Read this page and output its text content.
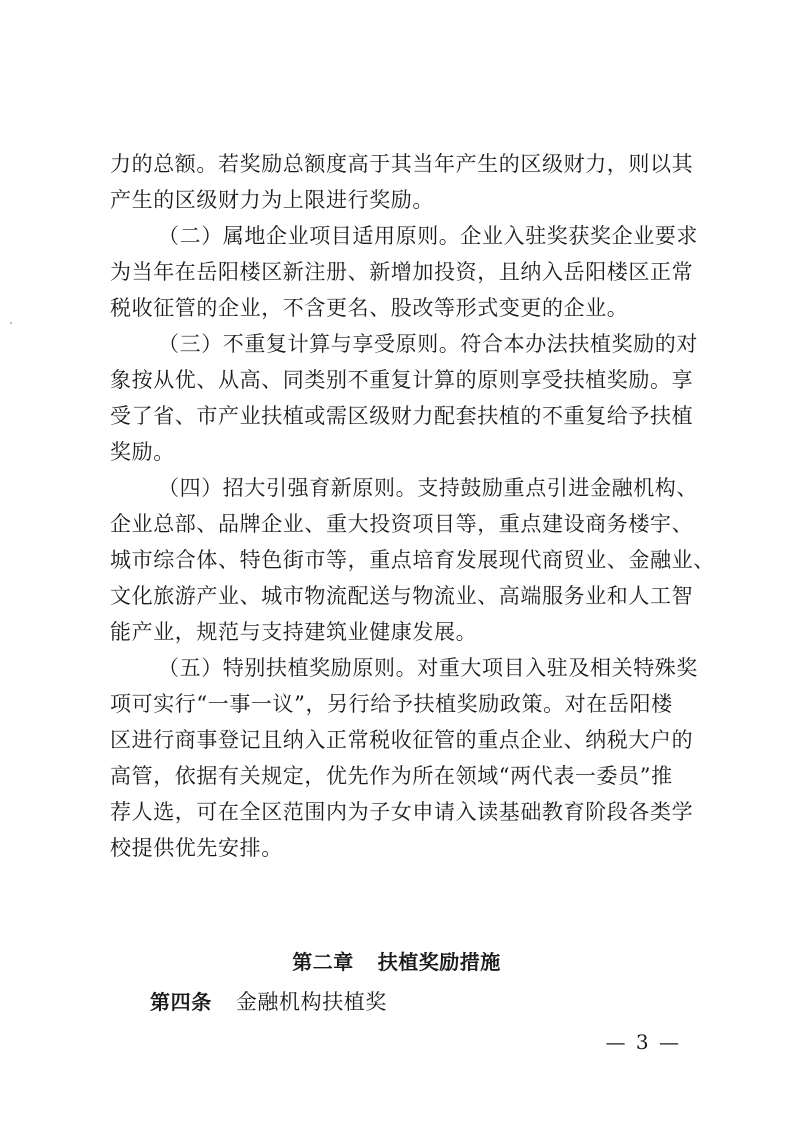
力的总额。若奖励总额度高于其当年产生的区级财力，则以其
产生的区级财力为上限进行奖励。
（二）属地企业项目适用原则。企业入驻奖获奖企业要求
为当年在岳阳楼区新注册、新增加投资，且纳入岳阳楼区正常
税收征管的企业，不含更名、股改等形式变更的企业。
（三）不重复计算与享受原则。符合本办法扶植奖励的对
象按从优、从高、同类别不重复计算的原则享受扶植奖励。享
受了省、市产业扶植或需区级财力配套扶植的不重复给予扶植
奖励。
（四）招大引强育新原则。支持鼓励重点引进金融机构、
企业总部、品牌企业、重大投资项目等，重点建设商务楼宇、
城市综合体、特色街市等，重点培育发展现代商贸业、金融业、
文化旅游产业、城市物流配送与物流业、高端服务业和人工智
能产业，规范与支持建筑业健康发展。
（五）特别扶植奖励原则。对重大项目入驻及相关特殊奖
项可实行“一事一议”，另行给予扶植奖励政策。对在岳阳楼
区进行商事登记且纳入正常税收征管的重点企业、纳税大户的
高管，依据有关规定，优先作为所在领域“两代表一委员”推
荐人选，可在全区范围内为子女申请入读基础教育阶段各类学
校提供优先安排。
第二章 扶植奖励措施
第四条 金融机构扶植奖
— 3 —
